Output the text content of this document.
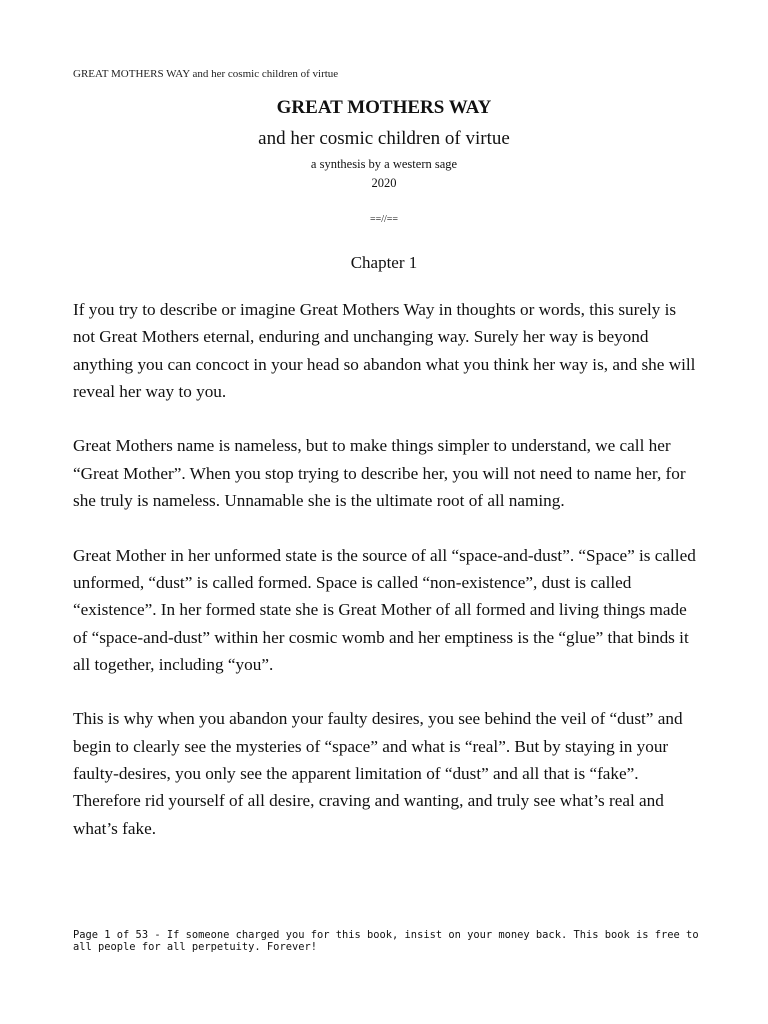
GREAT MOTHERS WAY and her cosmic children of virtue
GREAT MOTHERS WAY
and her cosmic children of virtue
a synthesis by a western sage
2020
==//==
Chapter 1

If you try to describe or imagine Great Mothers Way in thoughts or words, this surely is not Great Mothers eternal, enduring and unchanging way. Surely her way is beyond anything you can concoct in your head so abandon what you think her way is, and she will reveal her way to you.

Great Mothers name is nameless, but to make things simpler to understand, we call her “Great Mother”. When you stop trying to describe her, you will not need to name her, for she truly is nameless. Unnamable she is the ultimate root of all naming.

Great Mother in her unformed state is the source of all “space-and-dust”. “Space” is called unformed, “dust” is called formed. Space is called “non-existence”, dust is called “existence”. In her formed state she is Great Mother of all formed and living things made of “space-and-dust” within her cosmic womb and her emptiness is the “glue” that binds it all together, including “you”.

This is why when you abandon your faulty desires, you see behind the veil of “dust” and begin to clearly see the mysteries of “space” and what is “real”. But by staying in your faulty-desires, you only see the apparent limitation of “dust” and all that is “fake”. Therefore rid yourself of all desire, craving and wanting, and truly see what’s real and what’s fake.

Page 1 of 53 - If someone charged you for this book, insist on your money back. This book is free to all people for all perpetuity. Forever!
